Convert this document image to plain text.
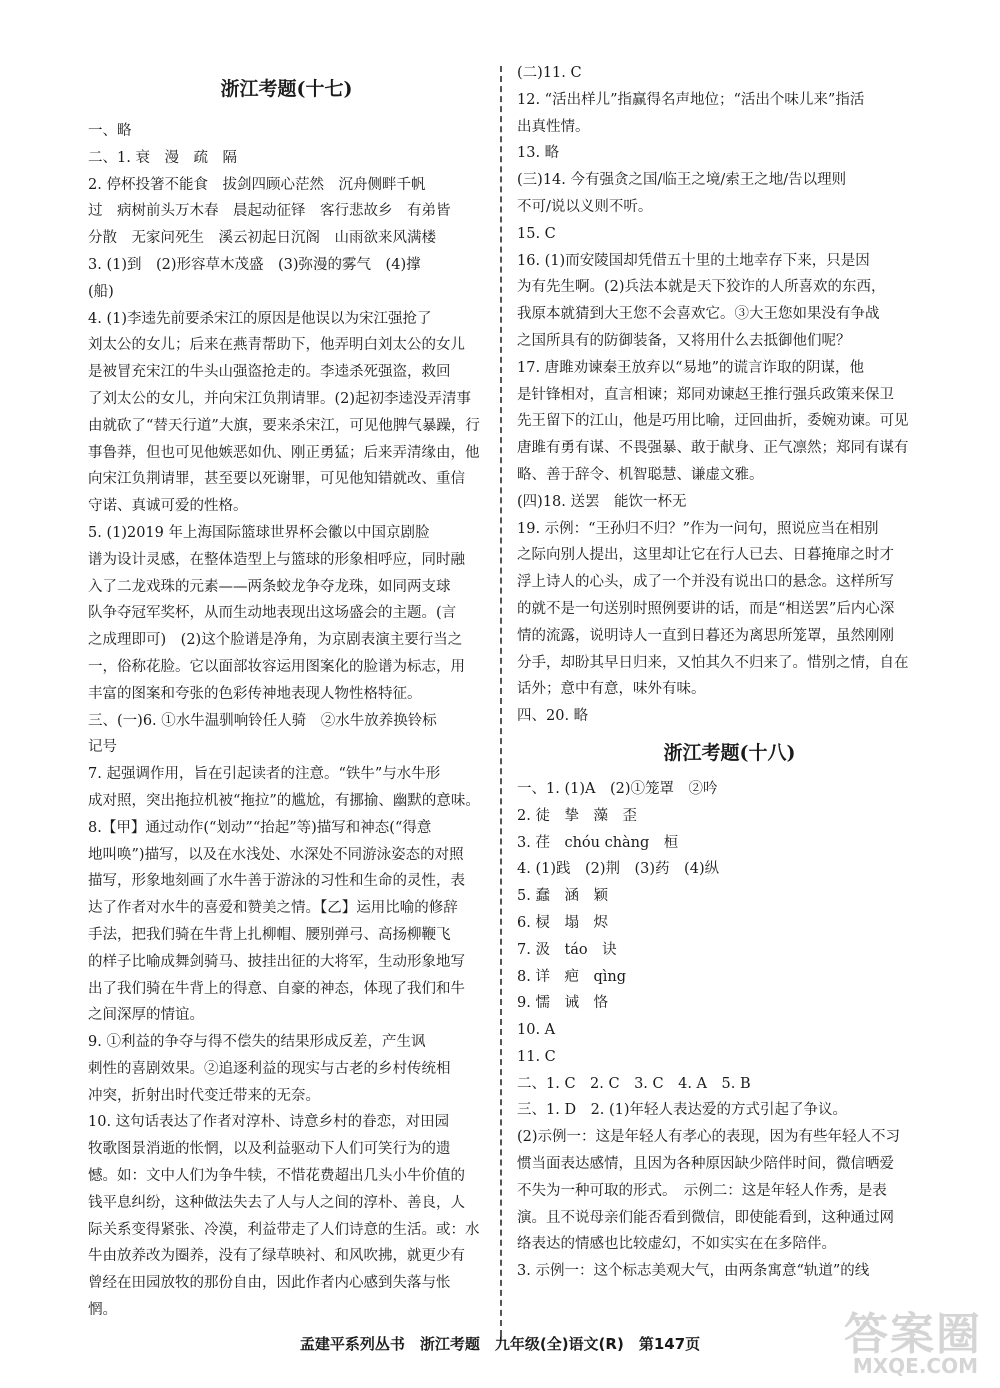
浙江考题(十七)
一、略
二、1. 衰　漫　疏　隔
2. 停杯投箸不能食　拔剑四顾心茫然　沉舟侧畔千帆
过　病树前头万木春　晨起动征铎　客行悲故乡　有弟皆
分散　无家问死生　溪云初起日沉阁　山雨欲来风满楼
3. (1)到　(2)形容草木茂盛　(3)弥漫的雾气　(4)撑
(船)
4. (1)李逵先前要杀宋江的原因是他误以为宋江强抢了
刘太公的女儿；后来在燕青帮助下，他弄明白刘太公的女儿
是被冒充宋江的牛头山强盗抢走的。李逵杀死强盗，救回
了刘太公的女儿，并向宋江负荆请罪。(2)起初李逵没弄清事
由就砍了“替天行道”大旗，要来杀宋江，可见他脾气暴躁，行
事鲁莽，但也可见他嫉恶如仇、刚正勇猛；后来弄清缘由，他
向宋江负荆请罪，甚至要以死谢罪，可见他知错就改、重信
守诺、真诚可爱的性格。
5. (1)2019 年上海国际篮球世界杯会徽以中国京剧脸
谱为设计灵感，在整体造型上与篮球的形象相呼应，同时融
入了二龙戏珠的元素——两条蛟龙争夺龙珠，如同两支球
队争夺冠军奖杯，从而生动地表现出这场盛会的主题。(言
之成理即可)　(2)这个脸谱是净角，为京剧表演主要行当之
一，俗称花脸。它以面部妆容运用图案化的脸谱为标志，用
丰富的图案和夸张的色彩传神地表现人物性格特征。
三、(一)6. ①水牛温驯响铃任人骑　②水牛放养换铃标
记号
7. 起强调作用，旨在引起读者的注意。“铁牛”与水牛形
成对照，突出拖拉机被“拖拉”的尴尬，有挪揄、幽默的意味。
8.【甲】通过动作(“划动”“抬起”等)描写和神态(“得意
地叫唤”)描写，以及在水浅处、水深处不同游泳姿态的对照
描写，形象地刻画了水牛善于游泳的习性和生命的灵性，表
达了作者对水牛的喜爱和赞美之情。【乙】运用比喻的修辞
手法，把我们骑在牛背上扎柳帽、腰别弹弓、高扬柳鞭飞
的样子比喻成舞剑骑马、披挂出征的大将军，生动形象地写
出了我们骑在牛背上的得意、自豪的神态，体现了我们和牛
之间深厚的情谊。
9. ①利益的争夺与得不偿失的结果形成反差，产生讽
刺性的喜剧效果。②追逐利益的现实与古老的乡村传统相
冲突，折射出时代变迁带来的无奈。
10. 这句话表达了作者对淳朴、诗意乡村的眷恋，对田园
牧歌图景消逝的怅惘，以及利益驱动下人们可笑行为的遗
憾。如：文中人们为争牛犊，不惜花费超出几头小牛价值的
钱平息纠纷，这种做法失去了人与人之间的淳朴、善良，人
际关系变得紧张、冷漠，利益带走了人们诗意的生活。或：水
牛由放养改为圈养，没有了绿草映衬、和风吹拂，就更少有
曾经在田园放牧的那份自由，因此作者内心感到失落与怅
惘。
(二)11. C
12. “活出样儿”指赢得名声地位；“活出个味儿来”指活
出真性情。
13. 略
(三)14. 今有强贪之国/临王之境/索王之地/告以理则
不可/说以义则不听。
15. C
16. (1)而安陵国却凭借五十里的土地幸存下来，只是因
为有先生啊。(2)兵法本就是天下狡诈的人所喜欢的东西，
我原本就猜到大王您不会喜欢它。③大王您如果没有争战
之国所具有的防御装备，又将用什么去抵御他们呢？
17. 唐雎劝谏秦王放弃以“易地”的谎言诈取的阴谋，他
是针锋相对，直言相谏；郑同劝谏赵王推行强兵政策来保卫
先王留下的江山，他是巧用比喻，迂回曲折，委婉劝谏。可见
唐雎有勇有谋、不畏强暴、敢于献身、正气凛然；郑同有谋有
略、善于辞令、机智聪慧、谦虚文雅。
(四)18. 送罢　能饮一杯无
19. 示例：“王孙归不归？”作为一问句，照说应当在相别
之际向别人提出，这里却让它在行人已去、日暮掩扉之时才
浮上诗人的心头，成了一个并没有说出口的悬念。这样所写
的就不是一句送别时照例要讲的话，而是“相送罢”后内心深
情的流露，说明诗人一直到日暮还为离思所笼罩，虽然刚刚
分手，却盼其早日归来，又怕其久不归来了。惜别之情，自在
话外；意中有意，味外有味。
四、20. 略
浙江考题(十八)
一、1. (1)A　(2)①笼罩　②吟
2. 徒　挚　藻　歪
3. 荏　chóu chàng　桓
4. (1)践　(2)荆　(3)药　(4)纵
5. 蠢　涵　颖
6. 棂　塌　烬
7. 汲　táo　诀
8. 详　疤　qìng
9. 懦　诫　恪
10. A
11. C
二、1. C　2. C　3. C　4. A　5. B
三、1. D　2. (1)年轻人表达爱的方式引起了争议。
(2)示例一：这是年轻人有孝心的表现，因为有些年轻人不习
惯当面表达感情，且因为各种原因缺少陪伴时间，微信晒爱
不失为一种可取的形式。　示例二：这是年轻人作秀，是表
演。且不说母亲们能否看到微信，即使能看到，这种通过网
络表达的情感也比较虚幻，不如实实在在多陪伴。
3. 示例一：这个标志美观大气，由两条寓意“轨道”的线
孟建平系列丛书　浙江考题　九年级(全)语文(R)　第147页	答案圈
MXQE.COM
